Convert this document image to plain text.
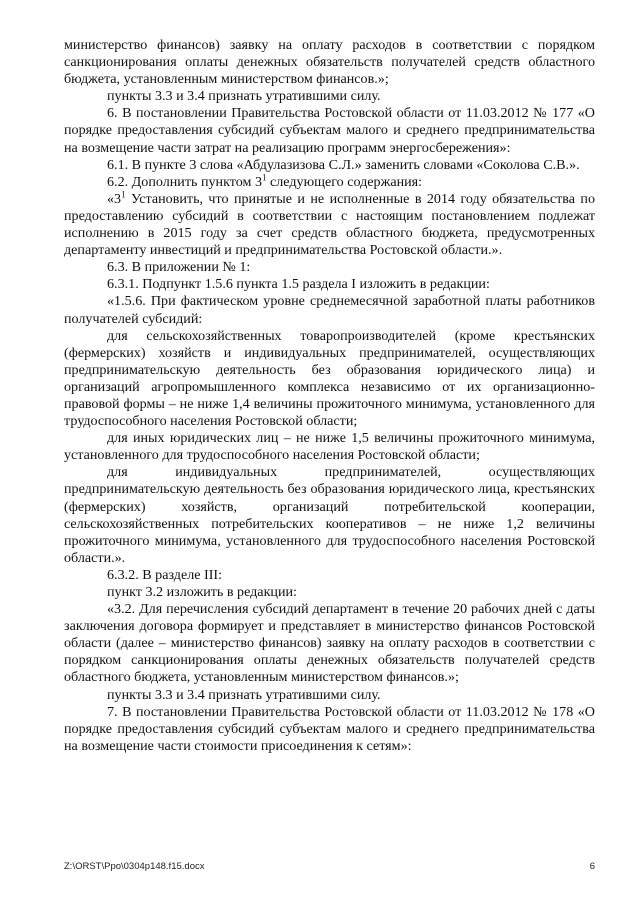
министерство финансов) заявку на оплату расходов в соответствии с порядком санкционирования оплаты денежных обязательств получателей средств областного бюджета, установленным министерством финансов.»;

пункты 3.3 и 3.4 признать утратившими силу.

6. В постановлении Правительства Ростовской области от 11.03.2012 № 177 «О порядке предоставления субсидий субъектам малого и среднего предпринимательства на возмещение части затрат на реализацию программ энергосбережения»:

6.1. В пункте 3 слова «Абдулазизова С.Л.» заменить словами «Соколова С.В.».

6.2. Дополнить пунктом $3^1$ следующего содержания:

«$3^1$ Установить, что принятые и не исполненные в 2014 году обязательства по предоставлению субсидий в соответствии с настоящим постановлением подлежат исполнению в 2015 году за счет средств областного бюджета, предусмотренных департаменту инвестиций и предпринимательства Ростовской области.».

6.3. В приложении № 1:

6.3.1. Подпункт 1.5.6 пункта 1.5 раздела I изложить в редакции:

«1.5.6. При фактическом уровне среднемесячной заработной платы работников получателей субсидий:

для сельскохозяйственных товаропроизводителей (кроме крестьянских (фермерских) хозяйств и индивидуальных предпринимателей, осуществляющих предпринимательскую деятельность без образования юридического лица) и организаций агропромышленного комплекса независимо от их организационно-правовой формы – не ниже 1,4 величины прожиточного минимума, установленного для трудоспособного населения Ростовской области;

для иных юридических лиц – не ниже 1,5 величины прожиточного минимума, установленного для трудоспособного населения Ростовской области;

для индивидуальных предпринимателей, осуществляющих предпринимательскую деятельность без образования юридического лица, крестьянских (фермерских) хозяйств, организаций потребительской кооперации, сельскохозяйственных потребительских кооперативов – не ниже 1,2 величины прожиточного минимума, установленного для трудоспособного населения Ростовской области.».

6.3.2. В разделе III:

пункт 3.2 изложить в редакции:

«3.2. Для перечисления субсидий департамент в течение 20 рабочих дней с даты заключения договора формирует и представляет в министерство финансов Ростовской области (далее – министерство финансов) заявку на оплату расходов в соответствии с порядком санкционирования оплаты денежных обязательств получателей средств областного бюджета, установленным министерством финансов.»;

пункты 3.3 и 3.4 признать утратившими силу.

7. В постановлении Правительства Ростовской области от 11.03.2012 № 178 «О порядке предоставления субсидий субъектам малого и среднего предпринимательства на возмещение части стоимости присоединения к сетям»:

Z:\ORST\Ppo\0304p148.f15.docx	6
